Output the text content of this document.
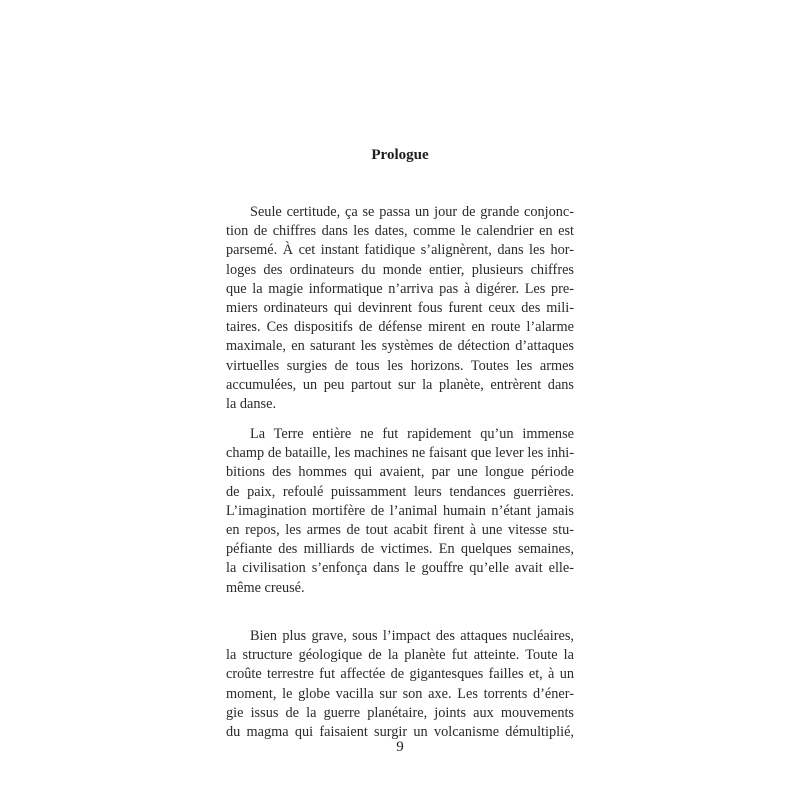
Prologue
Seule certitude, ça se passa un jour de grande conjonc-
tion de chiffres dans les dates, comme le calendrier en est
parsemé. À cet instant fatidique s’alignèrent, dans les hor-
loges des ordinateurs du monde entier, plusieurs chiffres
que la magie informatique n’arriva pas à digérer. Les pre-
miers ordinateurs qui devinrent fous furent ceux des mili-
taires. Ces dispositifs de défense mirent en route l’alarme
maximale, en saturant les systèmes de détection d’attaques
virtuelles surgies de tous les horizons. Toutes les armes
accumulées, un peu partout sur la planète, entrèrent dans
la danse.
La Terre entière ne fut rapidement qu’un immense
champ de bataille, les machines ne faisant que lever les inhi-
bitions des hommes qui avaient, par une longue période
de paix, refoulé puissamment leurs tendances guerrières.
L’imagination mortifère de l’animal humain n’étant jamais
en repos, les armes de tout acabit firent à une vitesse stu-
péfiante des milliards de victimes. En quelques semaines,
la civilisation s’enfonça dans le gouffre qu’elle avait elle-
même creusé.
Bien plus grave, sous l’impact des attaques nucléaires,
la structure géologique de la planète fut atteinte. Toute la
croûte terrestre fut affectée de gigantesques failles et, à un
moment, le globe vacilla sur son axe. Les torrents d’éner-
gie issus de la guerre planétaire, joints aux mouvements
du magma qui faisaient surgir un volcanisme démultiplié,
9
